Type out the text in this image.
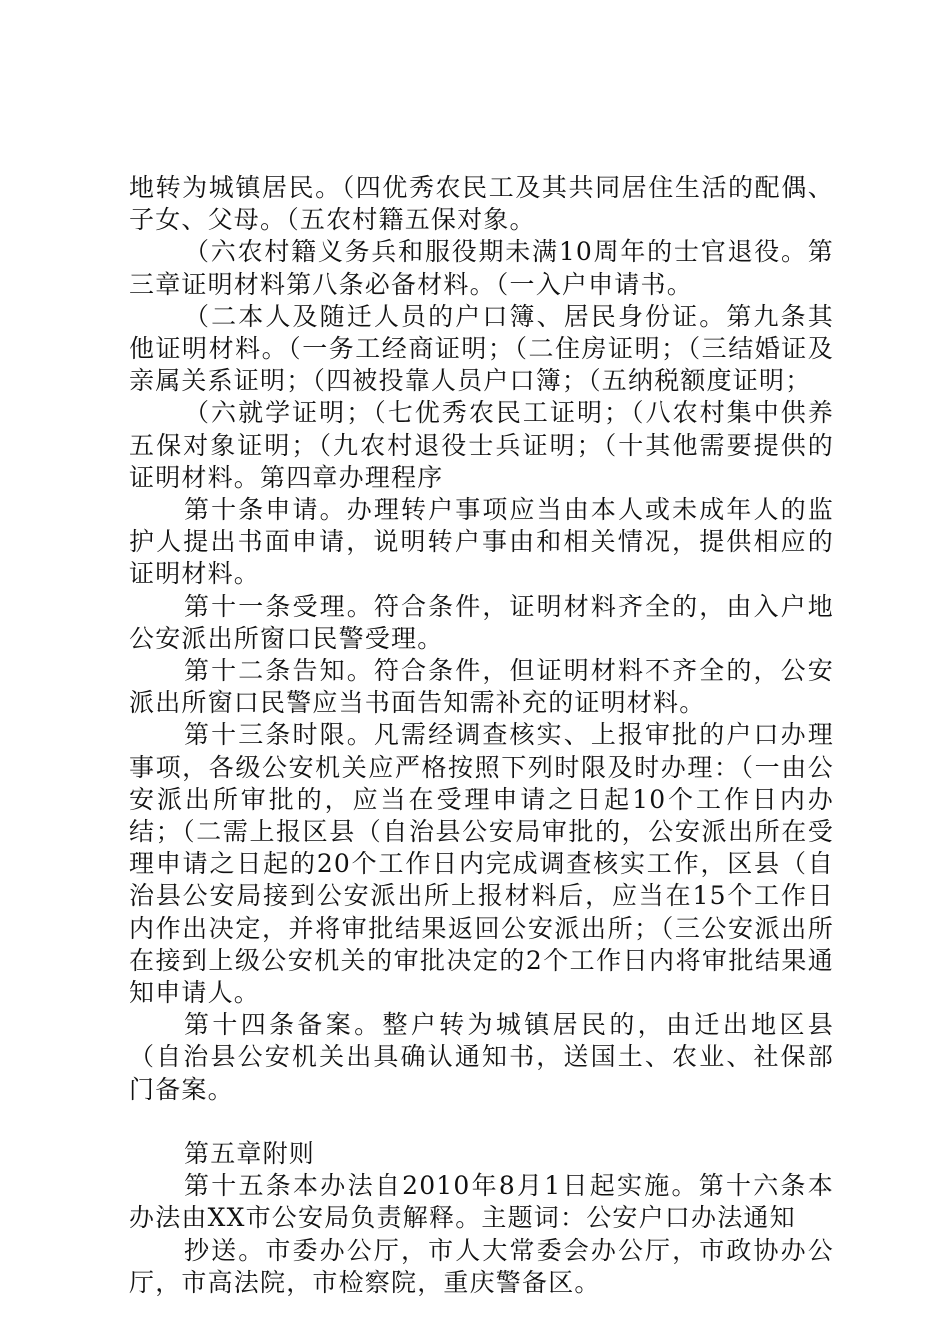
地转为城镇居民。（四优秀农民工及其共同居住生活的配偶、子女、父母。（五农村籍五保对象。

（六农村籍义务兵和服役期未满10周年的士官退役。第三章证明材料第八条必备材料。（一入户申请书。

（二本人及随迁人员的户口簿、居民身份证。第九条其他证明材料。（一务工经商证明；（二住房证明；（三结婚证及亲属关系证明；（四被投靠人员户口簿；（五纳税额度证明；

（六就学证明；（七优秀农民工证明；（八农村集中供养五保对象证明；（九农村退役士兵证明；（十其他需要提供的证明材料。第四章办理程序

第十条申请。办理转户事项应当由本人或未成年人的监护人提出书面申请，说明转户事由和相关情况，提供相应的证明材料。

第十一条受理。符合条件，证明材料齐全的，由入户地公安派出所窗口民警受理。

第十二条告知。符合条件，但证明材料不齐全的，公安派出所窗口民警应当书面告知需补充的证明材料。

第十三条时限。凡需经调查核实、上报审批的户口办理事项，各级公安机关应严格按照下列时限及时办理：（一由公安派出所审批的，应当在受理申请之日起10个工作日内办结；（二需上报区县（自治县公安局审批的，公安派出所在受理申请之日起的20个工作日内完成调查核实工作，区县（自治县公安局接到公安派出所上报材料后，应当在15个工作日内作出决定，并将审批结果返回公安派出所；（三公安派出所在接到上级公安机关的审批决定的2个工作日内将审批结果通知申请人。

第十四条备案。整户转为城镇居民的，由迁出地区县（自治县公安机关出具确认通知书，送国土、农业、社保部门备案。

第五章附则

第十五条本办法自2010年8月1日起实施。第十六条本办法由XX市公安局负责解释。主题词：公安户口办法通知

抄送。市委办公厅，市人大常委会办公厅，市政协办公厅，市高法院，市检察院，重庆警备区。
